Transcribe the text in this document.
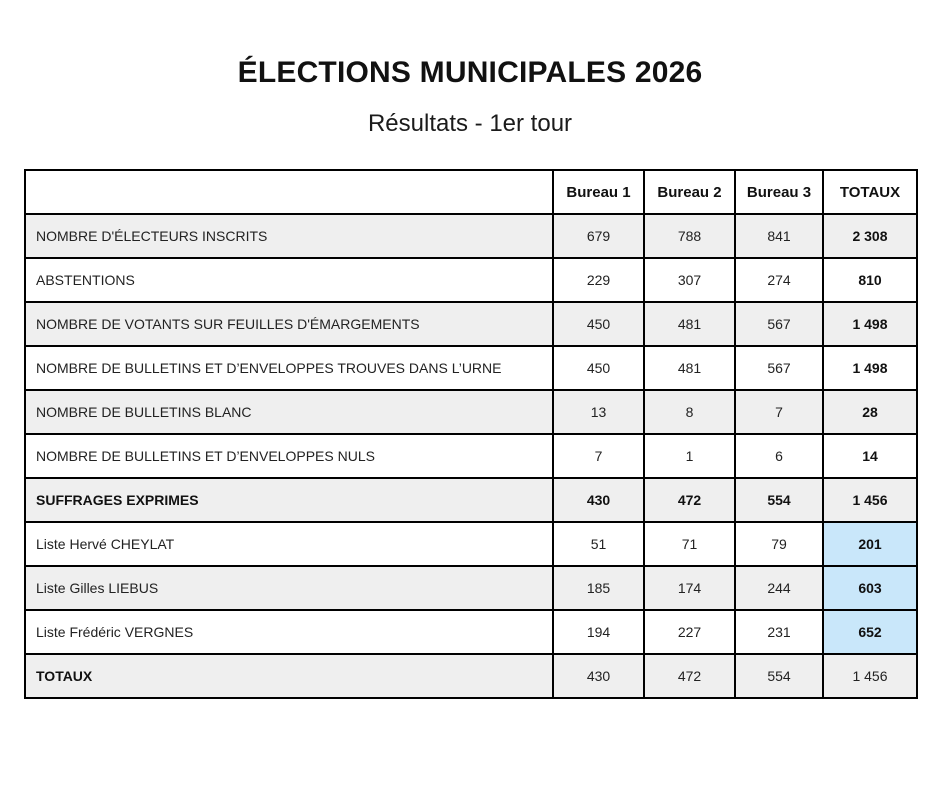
ÉLECTIONS MUNICIPALES 2026
Résultats - 1er tour
	Bureau 1	Bureau 2	Bureau 3	TOTAUX
NOMBRE D'ÉLECTEURS INSCRITS	679	788	841	2 308
ABSTENTIONS	229	307	274	810
NOMBRE DE VOTANTS SUR FEUILLES D'ÉMARGEMENTS	450	481	567	1 498
NOMBRE DE BULLETINS ET D’ENVELOPPES TROUVES DANS L’URNE	450	481	567	1 498
NOMBRE DE BULLETINS BLANC	13	8	7	28
NOMBRE DE BULLETINS ET D’ENVELOPPES NULS	7	1	6	14
SUFFRAGES EXPRIMES	430	472	554	1 456
Liste Hervé CHEYLAT	51	71	79	201
Liste Gilles LIEBUS	185	174	244	603
Liste Frédéric VERGNES	194	227	231	652
TOTAUX	430	472	554	1 456
